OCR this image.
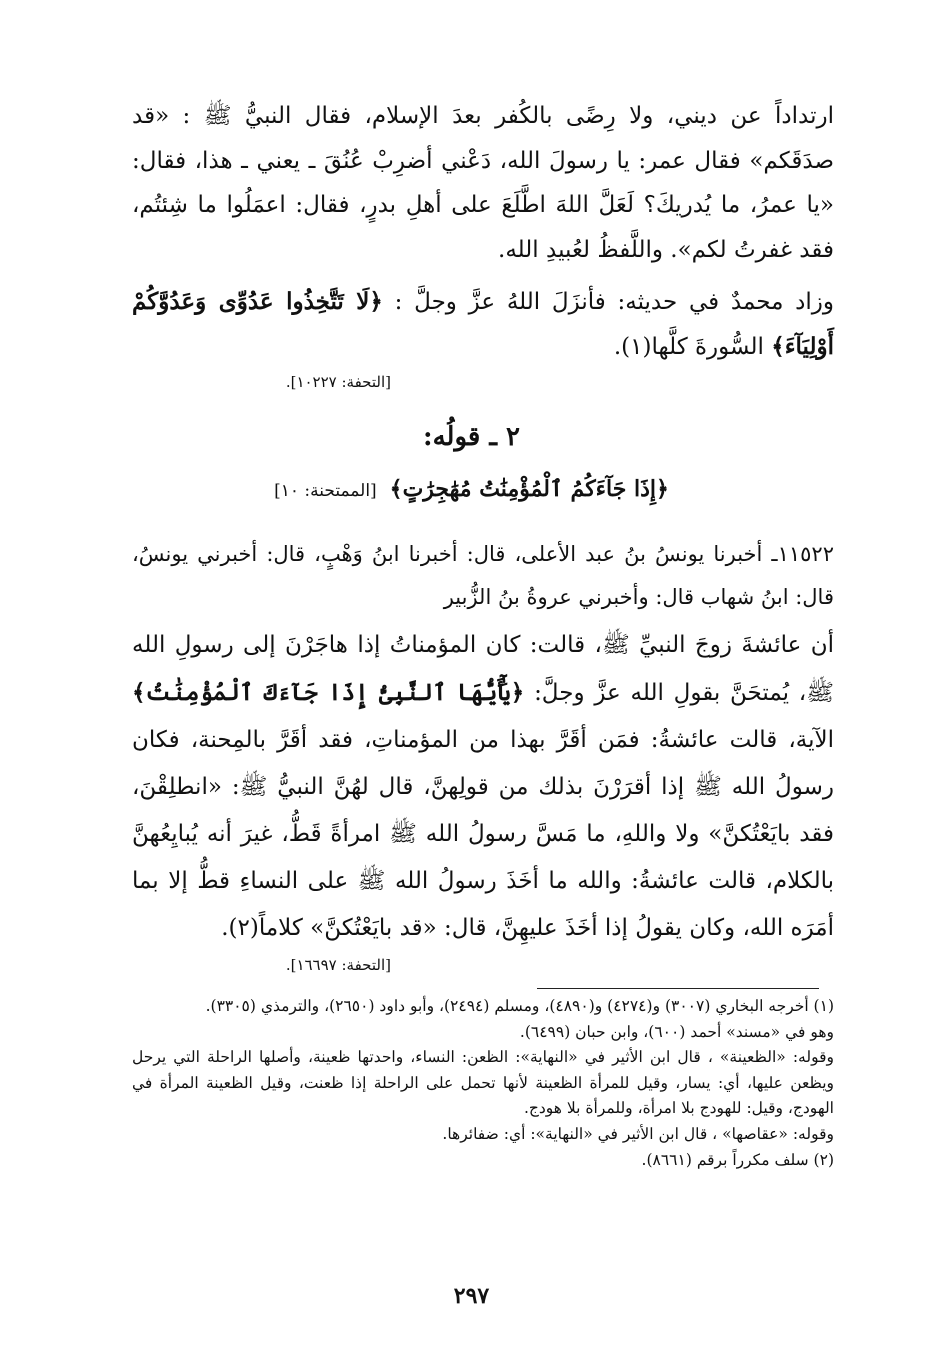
ارتداداً عن ديني، ولا رِضًى بالكُفر بعدَ الإسلام، فقال النبيُّ ﷺ : «قد صدَقَكم» فقال عمر: يا رسولَ الله، دَعْني أضرِبْ عُنُقَ ـ يعني ـ هذا، فقال: «يا عمرُ، ما يُدريكَ؟ لَعَلَّ اللهَ اطَّلَعَ على أهلِ بدرٍ، فقال: اعمَلُوا ما شِئتُم، فقد غفرتُ لكم». واللَّفظُ لعُبيدِ الله.
وزاد محمدٌ في حديثه: فأنزَلَ اللهُ عزَّ وجلَّ : ﴿لَا تَتَّخِذُوا عَدُوِّى وَعَدُوَّكُمْ أَوْلِيَآءَ﴾ السُّورةَ كلَّها(١).
[التحفة: ١٠٢٢٧].
٢ ـ قولُه:
﴿إِذَا جَآءَكُمُ ٱلْمُؤْمِنَٰتُ مُهَٰجِرَٰتٍ﴾ [الممتحنة: ١٠]
١١٥٢٢ـ أخبرنا يونسُ بنُ عبد الأعلى، قال: أخبرنا ابنُ وَهْبٍ، قال: أخبرني يونسُ، قال: ابنُ شهاب قال: وأخبرني عروةُ بنُ الزُّبير
أن عائشةَ زوجَ النبيِّ ﷺ، قالت: كان المؤمناتُ إذا هاجَرْنَ إلى رسولِ الله ﷺ، يُمتحَنَّ بقولِ الله عزَّ وجلَّ: ﴿يَٰٓأَيُّهَا ٱلنَّبِىُّ إِذَا جَآءَكَ ٱلْمُؤْمِنَٰتُ﴾ الآية، قالت عائشةُ: فمَن أقَرَّ بهذا من المؤمناتِ، فقد أقَرَّ بالمِحنة، فكان رسولُ الله ﷺ إذا أقرَرْنَ بذلك من قولِهنَّ، قال لهُنَّ النبيُّ ﷺ: «انطلِقْنَ، فقد بايَعْتُكنَّ» ولا واللهِ، ما مَسَّ رسولُ الله ﷺ امرأةً قَطُّ، غيرَ أنه يُبايِعُهنَّ بالكلام، قالت عائشةُ: والله ما أخَذَ رسولُ الله ﷺ على النساءِ قطُّ إلا بما أمَرَه الله، وكان يقولُ إذا أخَذَ عليهِنَّ، قال: «قد بايَعْتُكنَّ» كلاماً(٢).
[التحفة: ١٦٦٩٧].

(١) أخرجه البخاري (٣٠٠٧) و(٤٢٧٤) و(٤٨٩٠)، ومسلم (٢٤٩٤)، وأبو داود (٢٦٥٠)، والترمذي (٣٣٠٥).

وهو في «مسند» أحمد (٦٠٠)، وابن حبان (٦٤٩٩).

وقوله: «الظعينة» ، قال ابن الأثير في «النهاية»: الظعن: النساء، واحدتها ظعينة، وأصلها الراحلة التي يرحل ويظعن عليها، أي: يسار، وقيل للمرأة الظعينة لأنها تحمل على الراحلة إذا ظعنت، وقيل الظعينة المرأة في الهودج، وقيل: للهودج بلا امرأة، وللمرأة بلا هودج.

وقوله: «عقاصها» ، قال ابن الأثير في «النهاية»: أي: ضفائرها.

(٢) سلف مكرراً برقم (٨٦٦١).

٢٩٧
